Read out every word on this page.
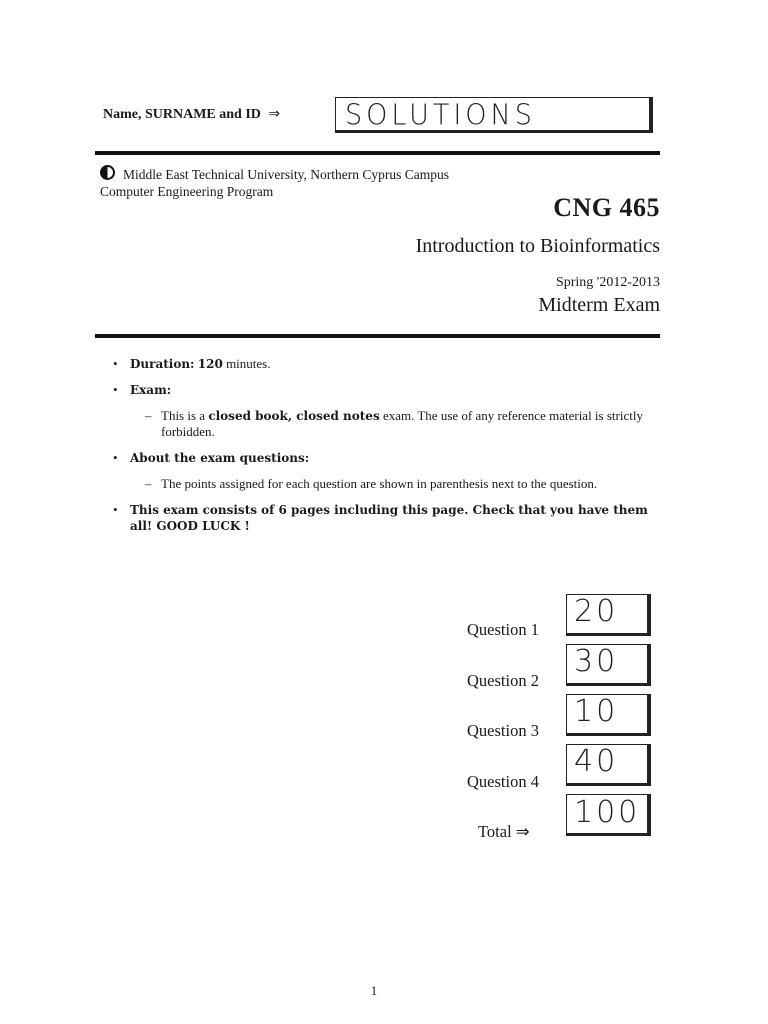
Name, SURNAME and ID ⇒ SOLUTIONS
Middle East Technical University, Northern Cyprus Campus
Computer Engineering Program
CNG 465
Introduction to Bioinformatics
Spring '2012-2013
Midterm Exam
• Duration: 120 minutes.
• Exam:
– This is a closed book, closed notes exam. The use of any reference material is strictly forbidden.
• About the exam questions:
– The points assigned for each question are shown in parenthesis next to the question.
• This exam consists of 6 pages including this page. Check that you have them all! GOOD LUCK !
Question 1
20
Question 2
30
Question 3
10
Question 4
40
Total ⇒
100
1
